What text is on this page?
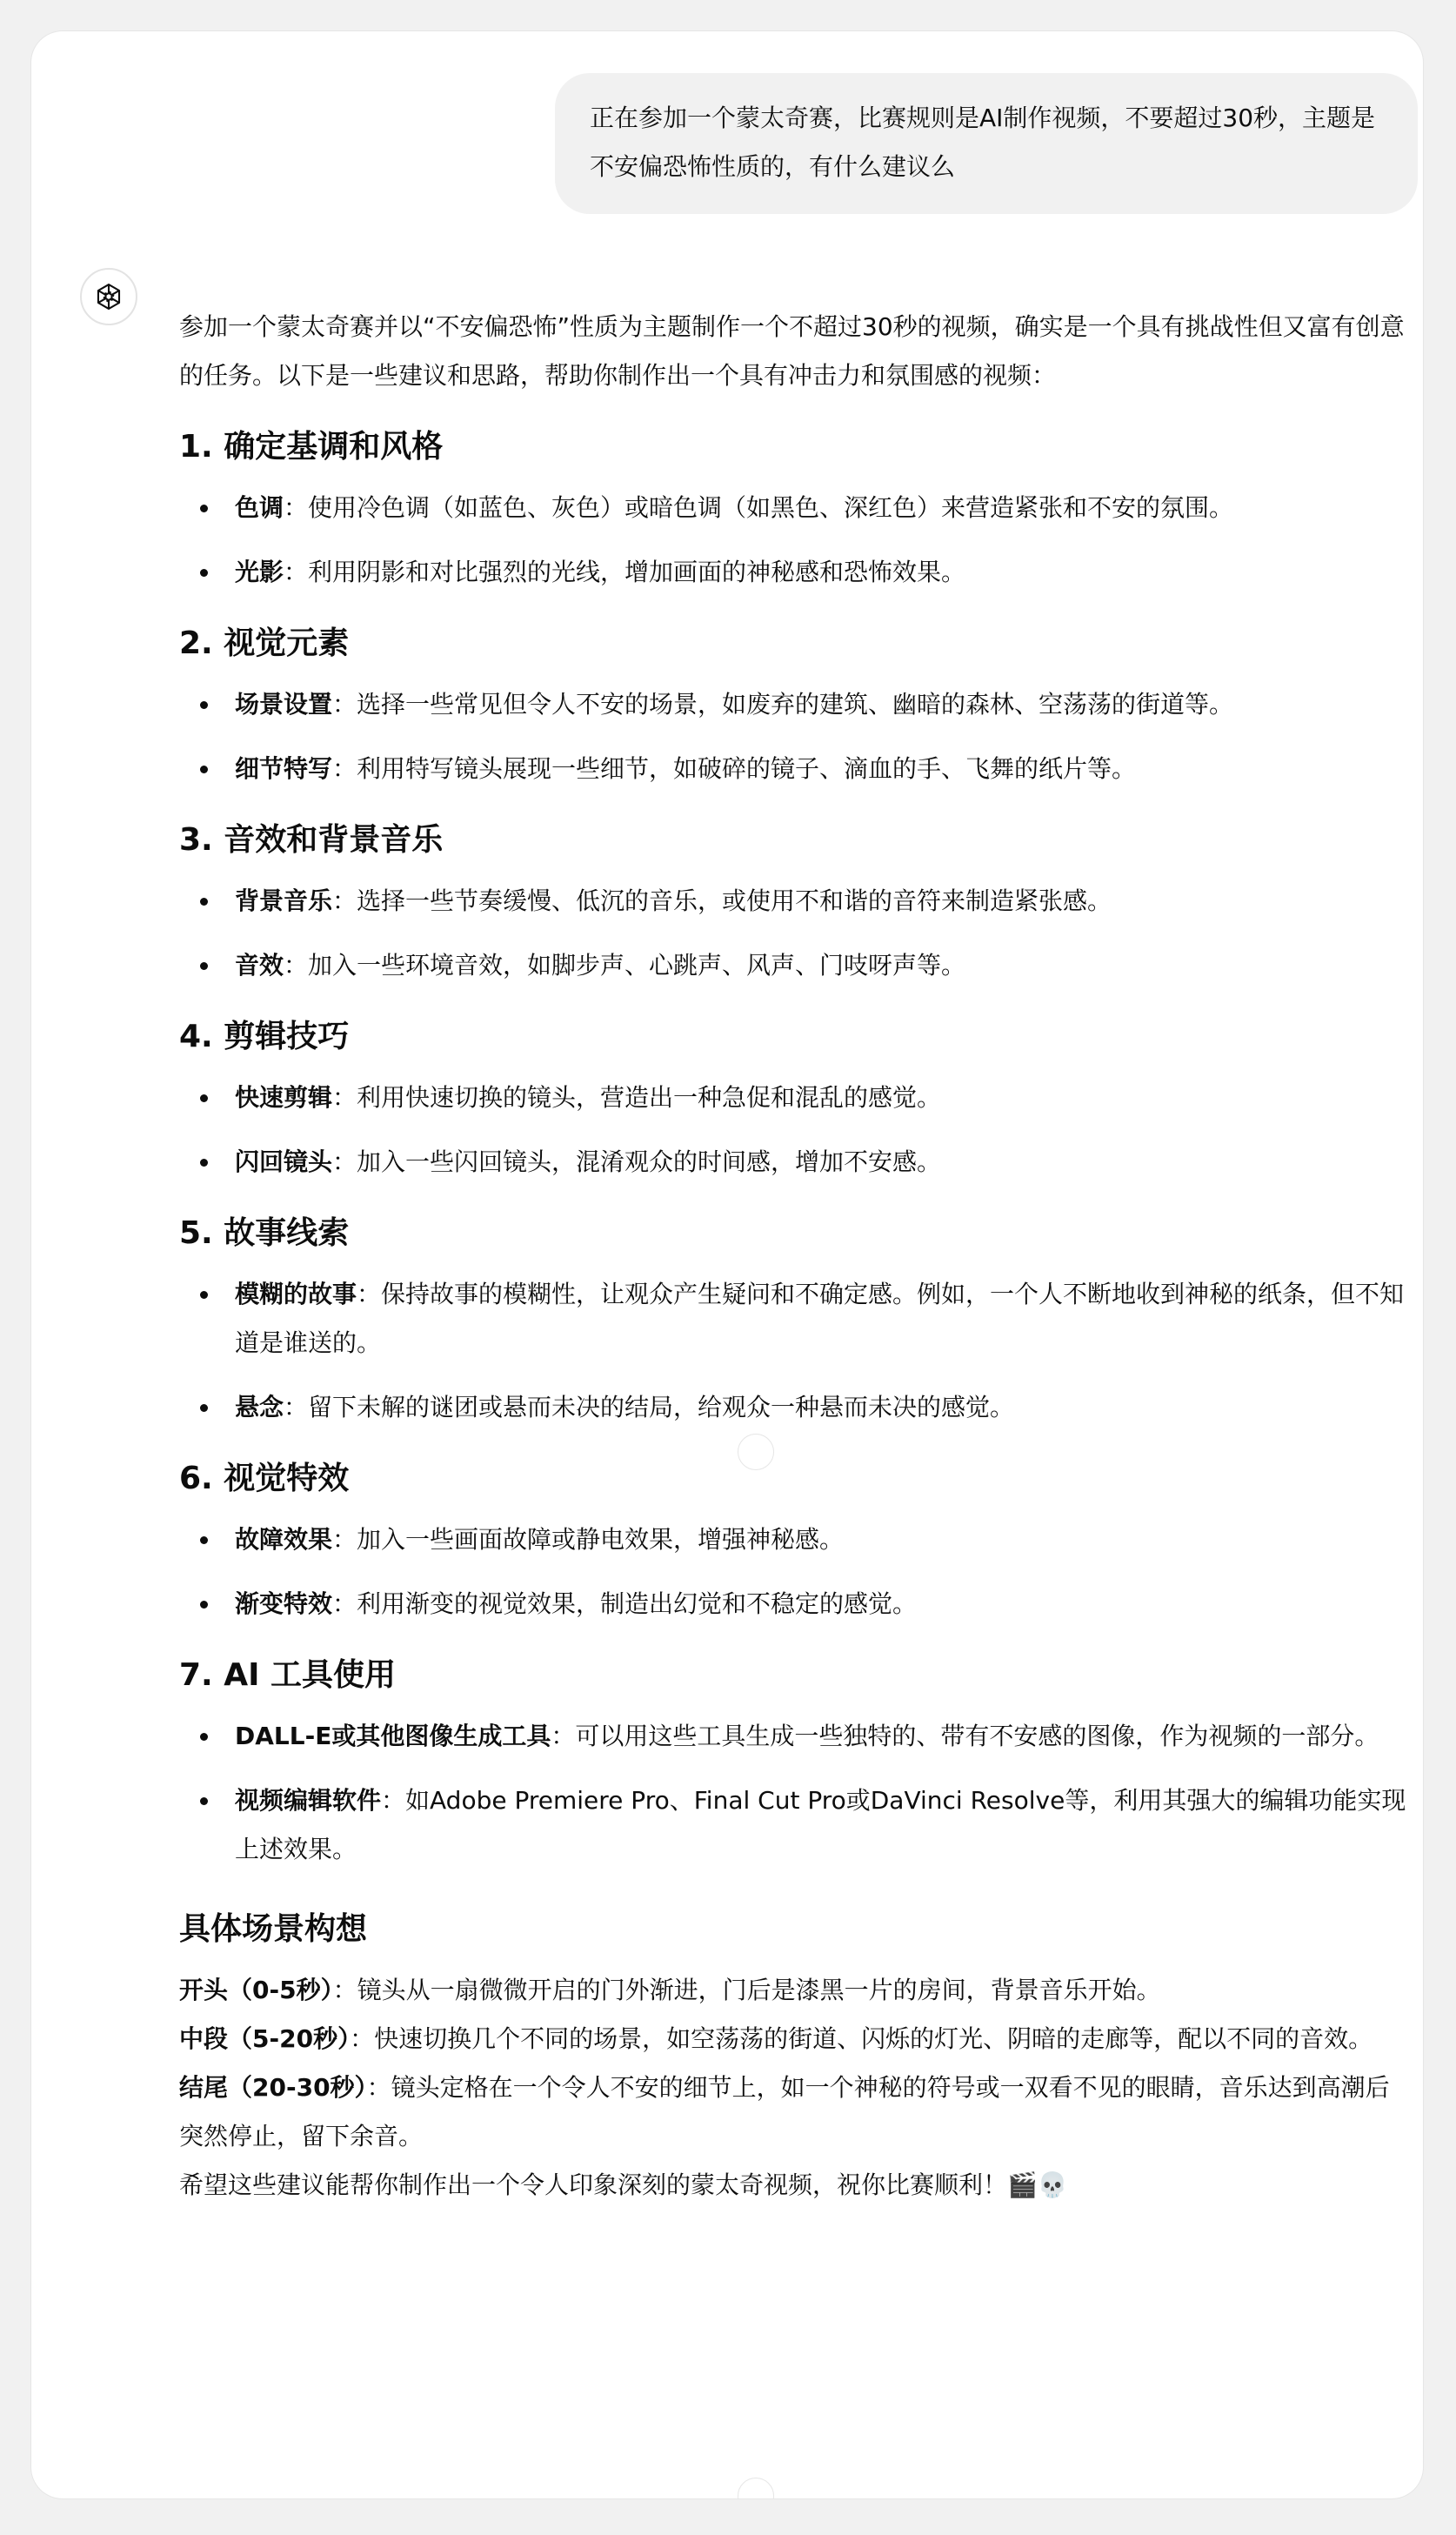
正在参加一个蒙太奇赛，比赛规则是AI制作视频，不要超过30秒，主题是不安偏恐怖性质的，有什么建议么

参加一个蒙太奇赛并以“不安偏恐怖”性质为主题制作一个不超过30秒的视频，确实是一个具有挑战性但又富有创意的任务。以下是一些建议和思路，帮助你制作出一个具有冲击力和氛围感的视频：

1. 确定基调和风格
色调：使用冷色调（如蓝色、灰色）或暗色调（如黑色、深红色）来营造紧张和不安的氛围。
光影：利用阴影和对比强烈的光线，增加画面的神秘感和恐怖效果。
2. 视觉元素
场景设置：选择一些常见但令人不安的场景，如废弃的建筑、幽暗的森林、空荡荡的街道等。
细节特写：利用特写镜头展现一些细节，如破碎的镜子、滴血的手、飞舞的纸片等。
3. 音效和背景音乐
背景音乐：选择一些节奏缓慢、低沉的音乐，或使用不和谐的音符来制造紧张感。
音效：加入一些环境音效，如脚步声、心跳声、风声、门吱呀声等。
4. 剪辑技巧
快速剪辑：利用快速切换的镜头，营造出一种急促和混乱的感觉。
闪回镜头：加入一些闪回镜头，混淆观众的时间感，增加不安感。
5. 故事线索
模糊的故事：保持故事的模糊性，让观众产生疑问和不确定感。例如，一个人不断地收到神秘的纸条，但不知道是谁送的。
悬念：留下未解的谜团或悬而未决的结局，给观众一种悬而未决的感觉。
6. 视觉特效
故障效果：加入一些画面故障或静电效果，增强神秘感。
渐变特效：利用渐变的视觉效果，制造出幻觉和不稳定的感觉。
7. AI 工具使用
DALL-E或其他图像生成工具：可以用这些工具生成一些独特的、带有不安感的图像，作为视频的一部分。
视频编辑软件：如Adobe Premiere Pro、Final Cut Pro或DaVinci Resolve等，利用其强大的编辑功能实现上述效果。
具体场景构想

开头（0-5秒）：镜头从一扇微微开启的门外渐进，门后是漆黑一片的房间，背景音乐开始。

中段（5-20秒）：快速切换几个不同的场景，如空荡荡的街道、闪烁的灯光、阴暗的走廊等，配以不同的音效。

结尾（20-30秒）：镜头定格在一个令人不安的细节上，如一个神秘的符号或一双看不见的眼睛，音乐达到高潮后突然停止，留下余音。

希望这些建议能帮你制作出一个令人印象深刻的蒙太奇视频，祝你比赛顺利！🎬💀
